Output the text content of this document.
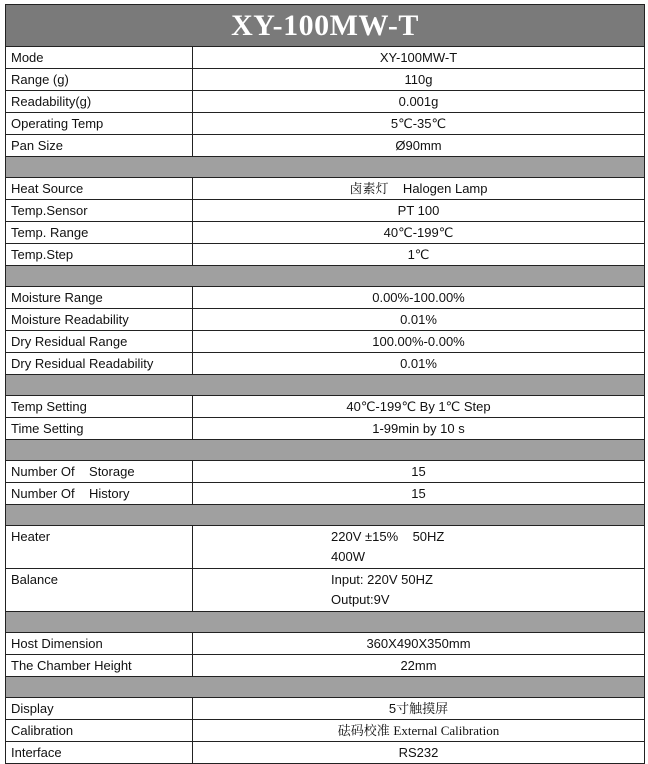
XY-100MW-T	
Mode	XY-100MW-T
Range (g)	110g
Readability(g)	0.001g
Operating Temp	5℃-35℃
Pan Size	Ø90mm

Heat Source	卤素灯    Halogen Lamp
Temp.Sensor	PT 100
Temp. Range	40℃-199℃
Temp.Step	1℃

Moisture Range	0.00%-100.00%
Moisture Readability	0.01%
Dry Residual Range	100.00%-0.00%
Dry Residual Readability	0.01%

Temp Setting	40℃-199℃ By 1℃ Step
Time Setting	1-99min by 10 s

Number Of    Storage	15
Number Of    History	15

Heater	220V ±15%    50HZ
400W

Balance	Input: 220V 50HZ
Output:9V

Host Dimension	360X490X350mm
The Chamber Height	22mm

Display	5寸触摸屏
Calibration	砝码校准 External Calibration
Interface	RS232
